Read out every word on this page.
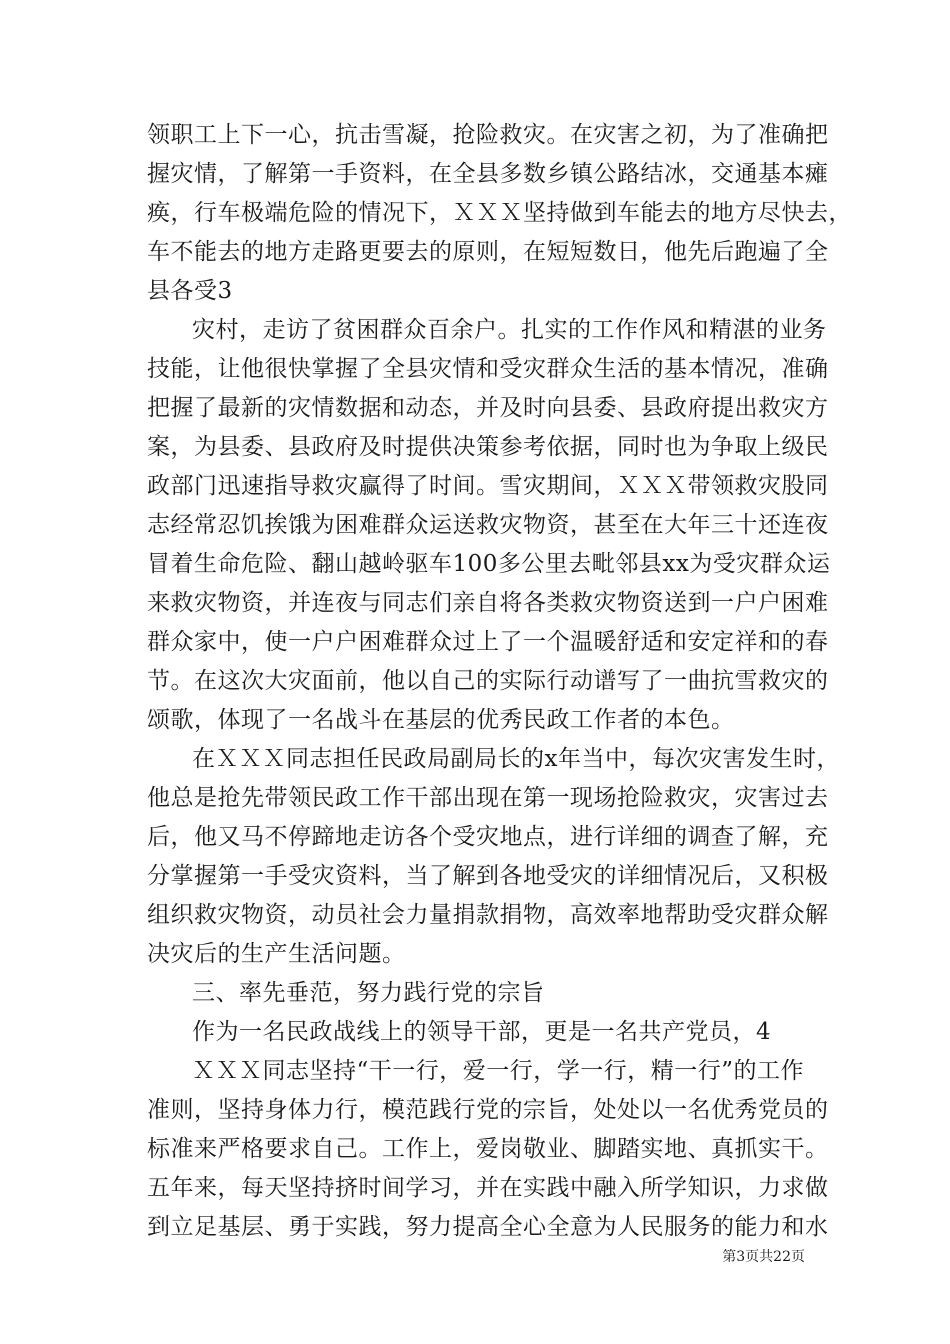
领职工上下一心，抗击雪凝，抢险救灾。在灾害之初，为了准确把
握灾情，了解第一手资料，在全县多数乡镇公路结冰，交通基本瘫
痪，行车极端危险的情况下，ＸＸＸ坚持做到车能去的地方尽快去，
车不能去的地方走路更要去的原则，在短短数日，他先后跑遍了全
县各受3
灾村，走访了贫困群众百余户。扎实的工作作风和精湛的业务
技能，让他很快掌握了全县灾情和受灾群众生活的基本情况，准确
把握了最新的灾情数据和动态，并及时向县委、县政府提出救灾方
案，为县委、县政府及时提供决策参考依据，同时也为争取上级民
政部门迅速指导救灾赢得了时间。雪灾期间，ＸＸＸ带领救灾股同
志经常忍饥挨饿为困难群众运送救灾物资，甚至在大年三十还连夜
冒着生命危险、翻山越岭驱车100多公里去毗邻县xx为受灾群众运
来救灾物资，并连夜与同志们亲自将各类救灾物资送到一户户困难
群众家中，使一户户困难群众过上了一个温暖舒适和安定祥和的春
节。在这次大灾面前，他以自己的实际行动谱写了一曲抗雪救灾的
颂歌，体现了一名战斗在基层的优秀民政工作者的本色。
在ＸＸＸ同志担任民政局副局长的x年当中，每次灾害发生时，
他总是抢先带领民政工作干部出现在第一现场抢险救灾，灾害过去
后，他又马不停蹄地走访各个受灾地点，进行详细的调查了解，充
分掌握第一手受灾资料，当了解到各地受灾的详细情况后，又积极
组织救灾物资，动员社会力量捐款捐物，高效率地帮助受灾群众解
决灾后的生产生活问题。
三、率先垂范，努力践行党的宗旨
作为一名民政战线上的领导干部，更是一名共产党员，4
ＸＸＸ同志坚持“干一行，爱一行，学一行，精一行”的工作
准则，坚持身体力行，模范践行党的宗旨，处处以一名优秀党员的
标准来严格要求自己。工作上，爱岗敬业、脚踏实地、真抓实干。
五年来，每天坚持挤时间学习，并在实践中融入所学知识，力求做
到立足基层、勇于实践，努力提高全心全意为人民服务的能力和水
第3页共22页
